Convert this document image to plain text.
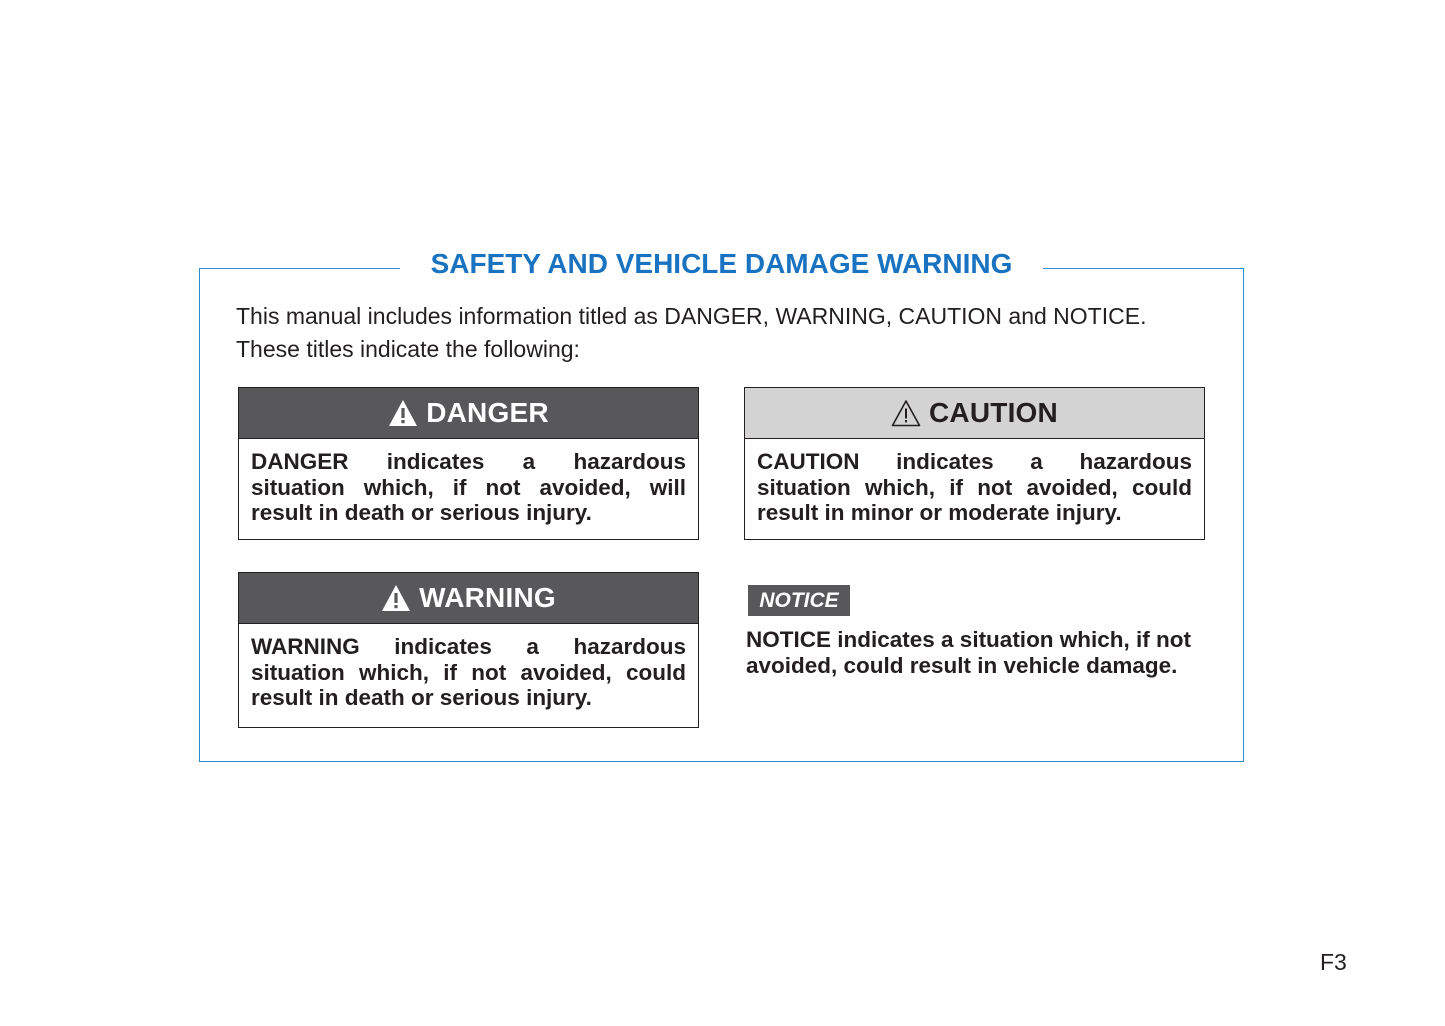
SAFETY AND VEHICLE DAMAGE WARNING

This manual includes information titled as DANGER, WARNING, CAUTION and NOTICE.

These titles indicate the following:

DANGER
DANGER indicates a hazardous situation which, if not avoided, will result in death or serious injury.
CAUTION
CAUTION indicates a hazardous situation which, if not avoided, could result in minor or moderate injury.
WARNING
WARNING indicates a hazardous situation which, if not avoided, could result in death or serious injury.
NOTICE
NOTICE indicates a situation which, if not
avoided, could result in vehicle damage.
F3
